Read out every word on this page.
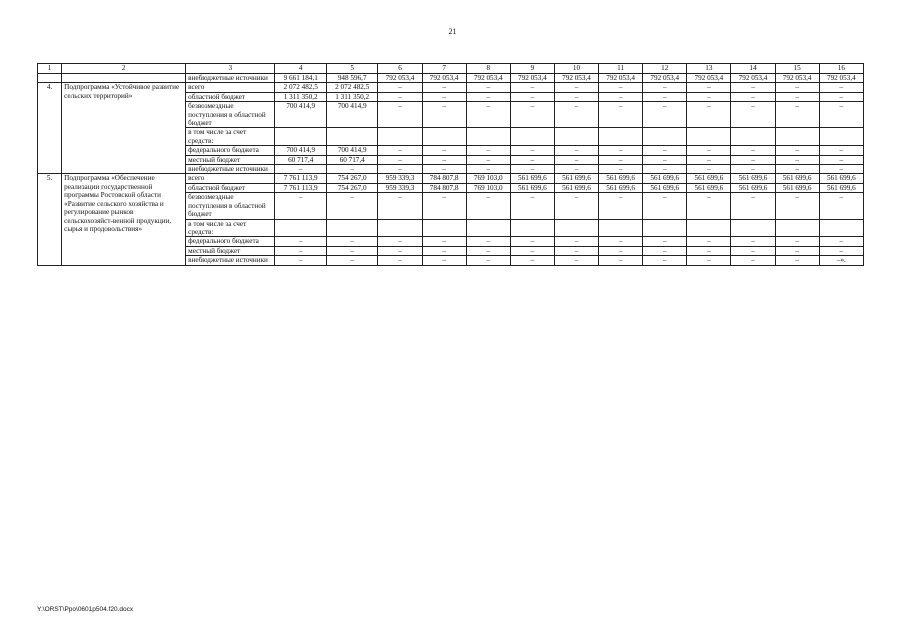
21
1	2	3	4	5	6	7	8	9	10	11	12	13	14	15	16
		внебюджетные источники	9 661 184,1	948 596,7	792 053,4	792 053,4	792 053,4	792 053,4	792 053,4	792 053,4	792 053,4	792 053,4	792 053,4	792 053,4	792 053,4
4.	Подпрограмма «Устойчивое развитие сельских территорий»	всего	2 072 482,5	2 072 482,5	–	–	–	–	–	–	–	–	–	–	–
		областной бюджет	1 311 350,2	1 311 350,2	–	–	–	–	–	–	–	–	–	–	–
		безвозмездные поступления в областной бюджет	700 414,9	700 414,9	–	–	–	–	–	–	–	–	–	–	–
		в том числе за счет средств:													
		федерального бюджета	700 414,9	700 414,9	–	–	–	–	–	–	–	–	–	–	–
		местный бюджет	60 717,4	60 717,4	–	–	–	–	–	–	–	–	–	–	–
		внебюджетные источники	–	–	–	–	–	–	–	–	–	–	–	–	–
5.	Подпрограмма «Обеспечение реализации государственной программы Ростовской области «Развитие сельского хозяйства и регулирование рынков сельскохозяйст-венной продукции, сырья и продовольствия»	всего	7 761 113,9	754 267,0	959 339,3	784 807,8	769 103,0	561 699,6	561 699,6	561 699,6	561 699,6	561 699,6	561 699,6	561 699,6	561 699,6
		областной бюджет	7 761 113,9	754 267,0	959 339,3	784 807,8	769 103,0	561 699,6	561 699,6	561 699,6	561 699,6	561 699,6	561 699,6	561 699,6	561 699,6
		безвозмездные поступления в областной бюджет	–	–	–	–	–	–	–	–	–	–	–	–	–
		в том числе за счет средств:													
		федерального бюджета	–	–	–	–	–	–	–	–	–	–	–	–	–
		местный бюджет	–	–	–	–	–	–	–	–	–	–	–	–	–
		внебюджетные источники	–	–	–	–	–	–	–	–	–	–	–	–	–».
Y:\ORST\Ppo\0601p504.f20.docx
